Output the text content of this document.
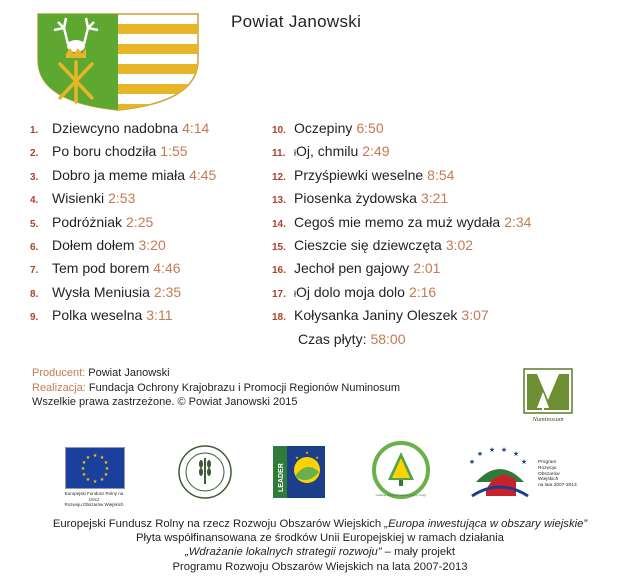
Powiat Janowski
1. Dziewcyno nadobna 4:14
2. Po boru chodziła 1:55
3. Dobro ja meme miała 4:45
4. Wisienki 2:53
5. Podróżniak 2:25
6. Dołem dołem 3:20
7. Tem pod borem 4:46
8. Wysła Meniusia 2:35
9. Polka weselna 3:11
10. Oczepiny 6:50
11. ł Oj, chmilu 2:49
12. Przyśpiewki weselne 8:54
13. Piosenka żydowska 3:21
14. Cegoś mie memo za muż wydała 2:34
15. Cieszcie się dziewczęta 3:02
16. Jechoł pen gajowy 2:01
17. ł Oj dolo moja dolo 2:16
18. Kołysanka Janiny Oleszek 3:07
Czas płyty: 58:00
Producent: Powiat Janowski
Realizacja: Fundacja Ochrony Krajobrazu i Promocji Regionów Numinosum
Wszelkie prawa zastrzeżone. © Powiat Janowski 2015
Numinosum
★ ★
★
★
★
★
★
★
★
★
★
★
Europejski Fundusz Rolny na rzecz
Rozwoju Obszarów Wiejskich
LEADER
★
★
★
Lokalna Grupa Działania „Leśny Krąg”
★
★
★ ★
★
★ Program
Rozwoju
Obszarów
Wiejskich
na lata 2007-2013
Europejski Fundusz Rolny na rzecz Rozwoju Obszarów Wiejskich „Europa inwestująca w obszary wiejskie”
Płyta współfinansowana ze środków Unii Europejskiej w ramach działania
„Wdrażanie lokalnych strategii rozwoju” – mały projekt
Programu Rozwoju Obszarów Wiejskich na lata 2007-2013
